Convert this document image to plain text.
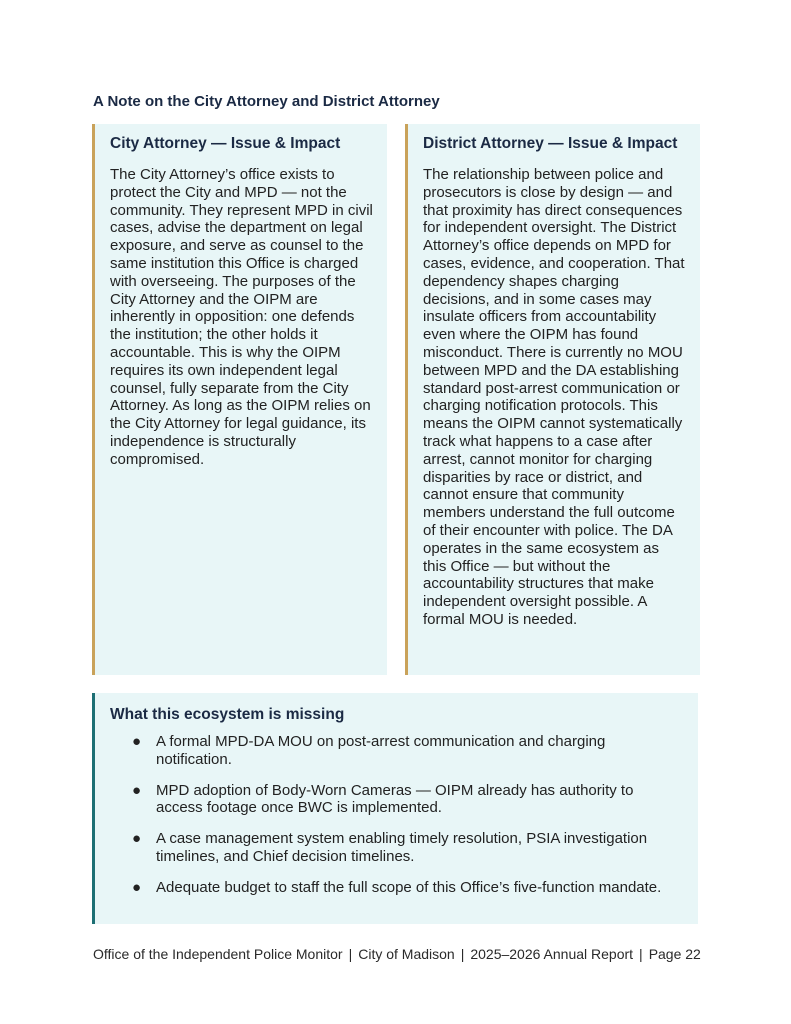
A Note on the City Attorney and District Attorney
City Attorney — Issue & Impact

The City Attorney’s office exists to protect the City and MPD — not the community. They represent MPD in civil cases, advise the department on legal exposure, and serve as counsel to the same institution this Office is charged with overseeing. The purposes of the City Attorney and the OIPM are inherently in opposition: one defends the institution; the other holds it accountable. This is why the OIPM requires its own independent legal counsel, fully separate from the City Attorney. As long as the OIPM relies on the City Attorney for legal guidance, its independence is structurally compromised.

District Attorney — Issue & Impact

The relationship between police and prosecutors is close by design — and that proximity has direct consequences for independent oversight. The District Attorney’s office depends on MPD for cases, evidence, and cooperation. That dependency shapes charging decisions, and in some cases may insulate officers from accountability even where the OIPM has found misconduct. There is currently no MOU between MPD and the DA establishing standard post-arrest communication or charging notification protocols. This means the OIPM cannot systematically track what happens to a case after arrest, cannot monitor for charging disparities by race or district, and cannot ensure that community members understand the full outcome of their encounter with police. The DA operates in the same ecosystem as this Office — but without the accountability structures that make independent oversight possible. A formal MOU is needed.

What this ecosystem is missing
● A formal MPD-DA MOU on post-arrest communication and charging notification.
● MPD adoption of Body-Worn Cameras — OIPM already has authority to access footage once BWC is implemented.
● A case management system enabling timely resolution, PSIA investigation timelines, and Chief decision timelines.
● Adequate budget to staff the full scope of this Office’s five-function mandate.
Office of the Independent Police Monitor | City of Madison | 2025–2026 Annual Report | Page 22
